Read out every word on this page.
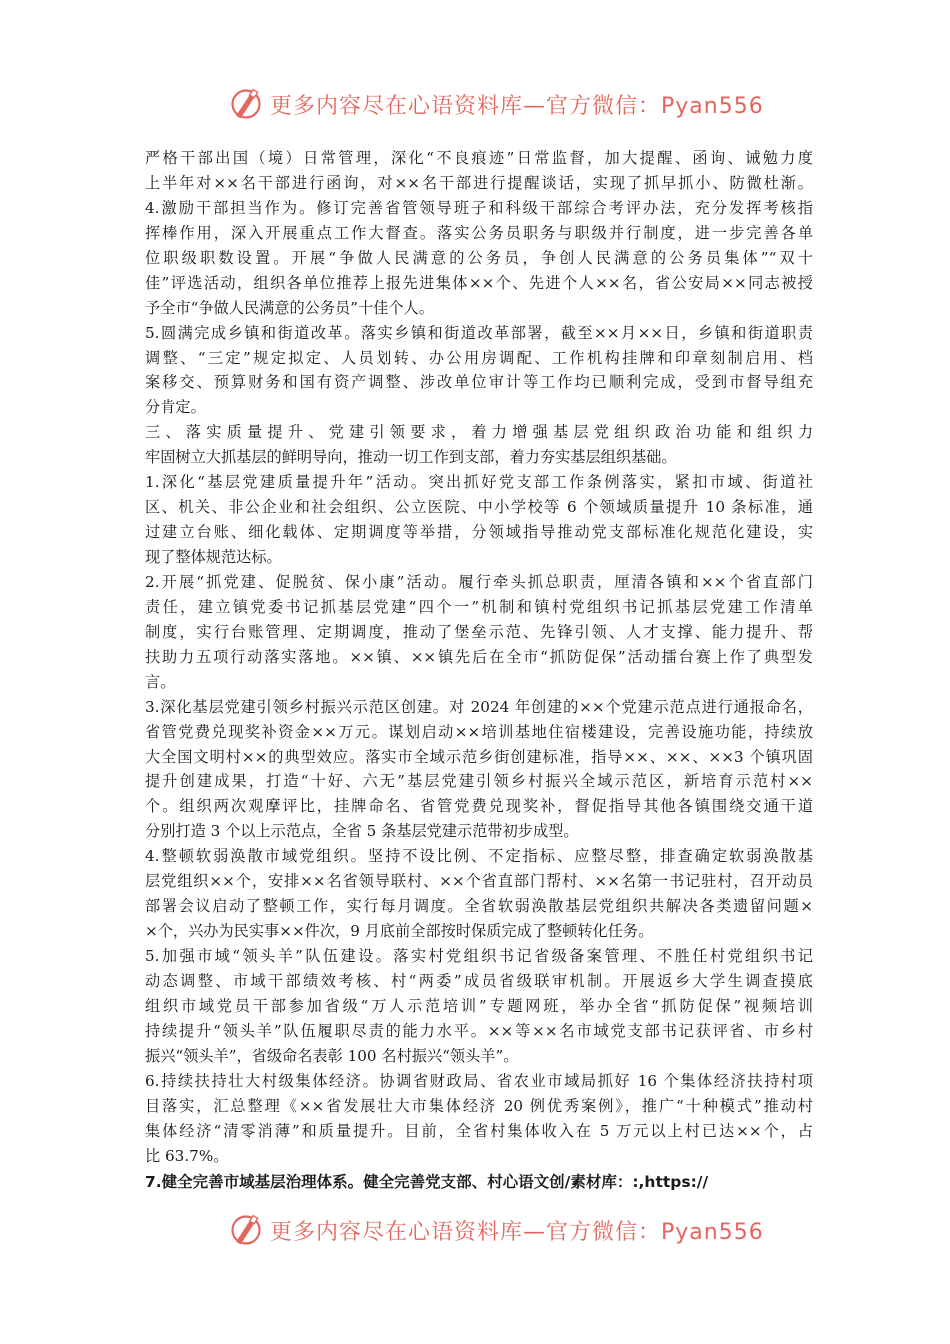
更多内容尽在心语资料库—官方微信：Pyan556
严格干部出国（境）日常管理，深化“不良痕迹”日常监督，加大提醒、函询、诫勉力度
上半年对××名干部进行函询，对××名干部进行提醒谈话，实现了抓早抓小、防微杜渐。
4.激励干部担当作为。修订完善省管领导班子和科级干部综合考评办法，充分发挥考核指
挥棒作用，深入开展重点工作大督查。落实公务员职务与职级并行制度，进一步完善各单
位职级职数设置。开展“争做人民满意的公务员，争创人民满意的公务员集体”“双十
佳”评选活动，组织各单位推荐上报先进集体××个、先进个人××名，省公安局××同志被授
予全市“争做人民满意的公务员”十佳个人。
5.圆满完成乡镇和街道改革。落实乡镇和街道改革部署，截至××月××日，乡镇和街道职责
调整、“三定”规定拟定、人员划转、办公用房调配、工作机构挂牌和印章刻制启用、档
案移交、预算财务和国有资产调整、涉改单位审计等工作均已顺利完成，受到市督导组充
分肯定。
三、落实质量提升、党建引领要求，着力增强基层党组织政治功能和组织力
牢固树立大抓基层的鲜明导向，推动一切工作到支部，着力夯实基层组织基础。
1.深化“基层党建质量提升年”活动。突出抓好党支部工作条例落实，紧扣市域、街道社
区、机关、非公企业和社会组织、公立医院、中小学校等 6 个领域质量提升 10 条标准，通
过建立台账、细化载体、定期调度等举措，分领域指导推动党支部标准化规范化建设，实
现了整体规范达标。
2.开展“抓党建、促脱贫、保小康”活动。履行牵头抓总职责，厘清各镇和××个省直部门
责任，建立镇党委书记抓基层党建“四个一”机制和镇村党组织书记抓基层党建工作清单
制度，实行台账管理、定期调度，推动了堡垒示范、先锋引领、人才支撑、能力提升、帮
扶助力五项行动落实落地。××镇、××镇先后在全市“抓防促保”活动擂台赛上作了典型发
言。
3.深化基层党建引领乡村振兴示范区创建。对 2024 年创建的××个党建示范点进行通报命名，
省管党费兑现奖补资金××万元。谋划启动××培训基地住宿楼建设，完善设施功能，持续放
大全国文明村××的典型效应。落实市全域示范乡街创建标准，指导××、××、××3 个镇巩固
提升创建成果，打造“十好、六无”基层党建引领乡村振兴全域示范区，新培育示范村××
个。组织两次观摩评比，挂牌命名、省管党费兑现奖补，督促指导其他各镇围绕交通干道
分别打造 3 个以上示范点，全省 5 条基层党建示范带初步成型。
4.整顿软弱涣散市域党组织。坚持不设比例、不定指标、应整尽整，排查确定软弱涣散基
层党组织××个，安排××名省领导联村、××个省直部门帮村、××名第一书记驻村，召开动员
部署会议启动了整顿工作，实行每月调度。全省软弱涣散基层党组织共解决各类遗留问题×
×个，兴办为民实事××件次，9 月底前全部按时保质完成了整顿转化任务。
5.加强市域“领头羊”队伍建设。落实村党组织书记省级备案管理、不胜任村党组织书记
动态调整、市域干部绩效考核、村“两委”成员省级联审机制。开展返乡大学生调查摸底
组织市域党员干部参加省级“万人示范培训”专题网班，举办全省“抓防促保”视频培训
持续提升“领头羊”队伍履职尽责的能力水平。××等××名市域党支部书记获评省、市乡村
振兴“领头羊”，省级命名表彰 100 名村振兴“领头羊”。
6.持续扶持壮大村级集体经济。协调省财政局、省农业市域局抓好 16 个集体经济扶持村项
目落实，汇总整理《××省发展壮大市集体经济 20 例优秀案例》，推广“十种模式”推动村
集体经济“清零消薄”和质量提升。目前，全省村集体收入在 5 万元以上村已达××个，占
比 63.7%。
7.健全完善市域基层治理体系。健全完善党支部、村心语文创/素材库：:,https://
更多内容尽在心语资料库—官方微信：Pyan556
